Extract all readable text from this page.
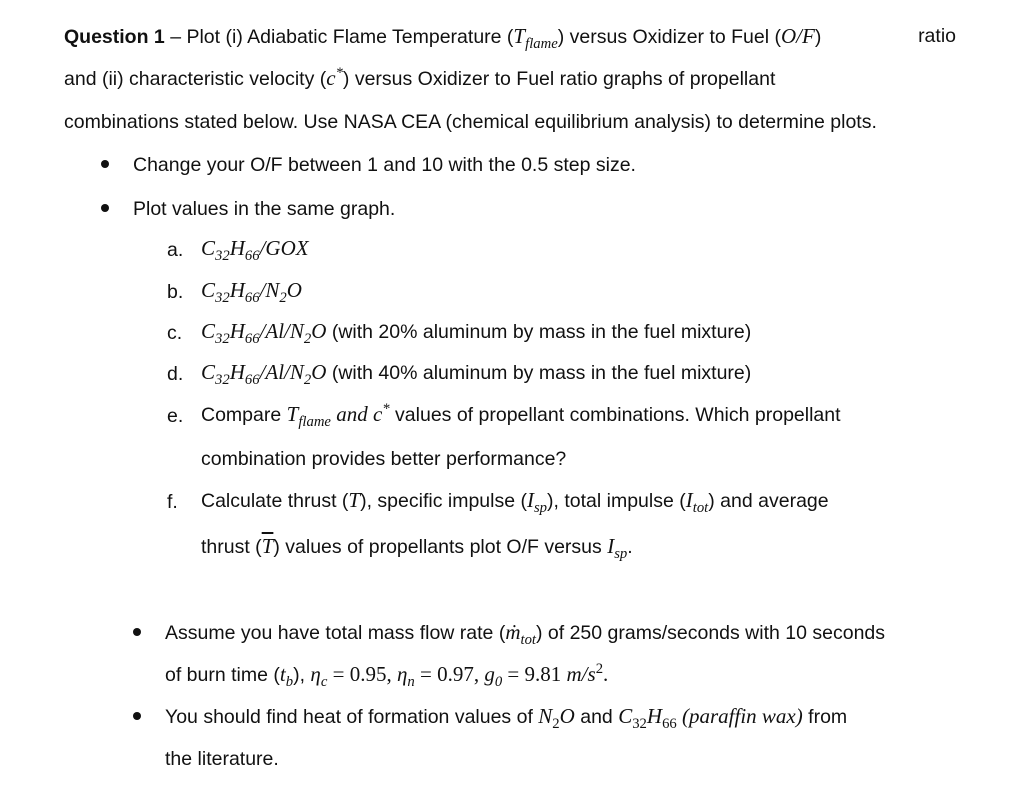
Question 1 – Plot (i) Adiabatic Flame Temperature $(T_{flame})$ versus Oxidizer to Fuel (O/F)	ratio
and (ii) characteristic velocity (c*) versus Oxidizer to Fuel ratio graphs of propellant
combinations stated below. Use NASA CEA (chemical equilibrium analysis) to determine plots.
Change your O/F between 1 and 10 with the 0.5 step size.
Plot values in the same graph.
a. $C_{32}H_{66}$/GOX
b. $C_{32}H_{66}/N_2O$
c. $C_{32}H_{66}/Al/N_2O$ (with 20% aluminum by mass in the fuel mixture)
d. $C_{32}H_{66}/Al/N_2O$ (with 40% aluminum by mass in the fuel mixture)
e. Compare $T_{flame}$ and c* values of propellant combinations. Which propellant
combination provides better performance?
f. Calculate thrust (T), specific impulse $(I_{sp})$, total impulse $(I_{tot})$ and average
thrust $(\overline{T})$ values of propellants plot O/F versus $I_{sp}$.
Assume you have total mass flow rate (ṁ$_{tot}$) of 250 grams/seconds with 10 seconds
of burn time $(t_b)$, $\eta_c = 0.95$, $\eta_n = 0.97$, $g_0 = 9.81$ $m/s^2$.
You should find heat of formation values of $N_2O$ and $C_{32}H_{66}$ (paraffin wax) from
the literature.
